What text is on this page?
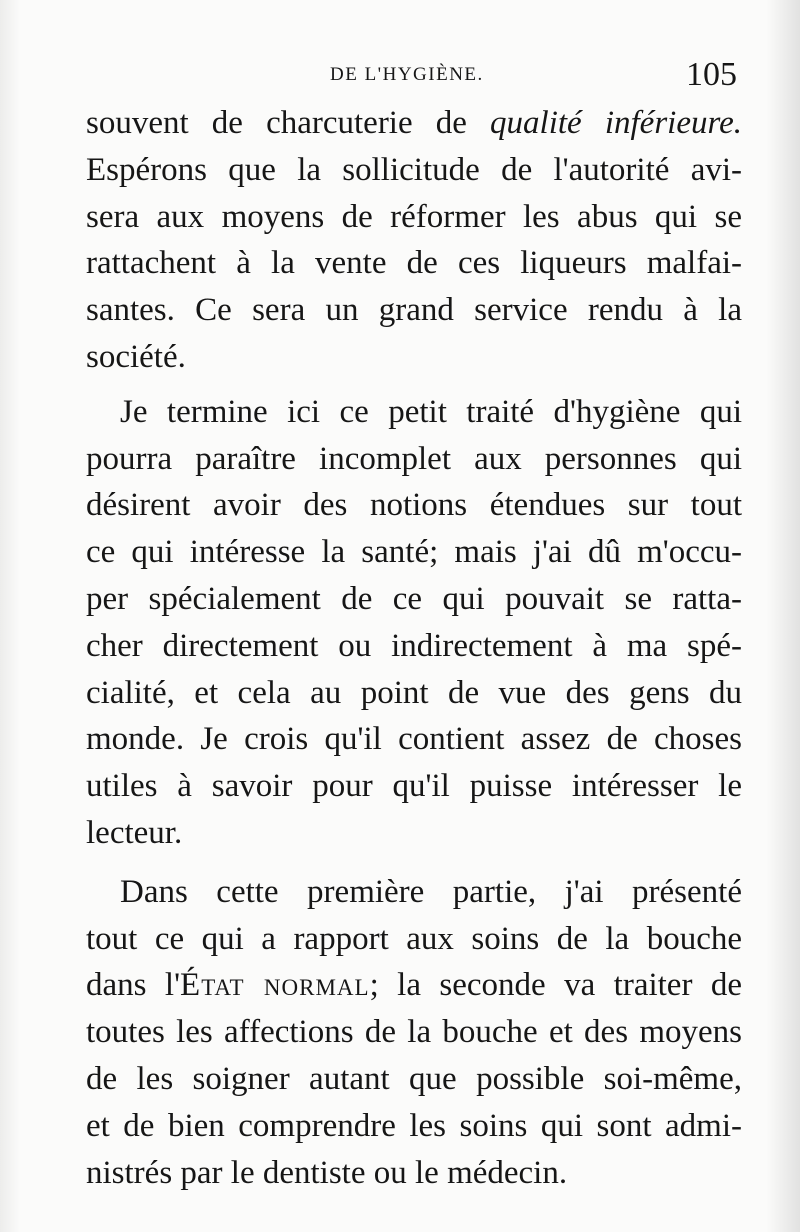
DE L'HYGIÈNE.	105
souvent de charcuterie de qualité inférieure.
Espérons que la sollicitude de l'autorité avi-
sera aux moyens de réformer les abus qui se
rattachent à la vente de ces liqueurs malfai-
santes. Ce sera un grand service rendu à la
société.
Je termine ici ce petit traité d'hygiène qui
pourra paraître incomplet aux personnes qui
désirent avoir des notions étendues sur tout
ce qui intéresse la santé; mais j'ai dû m'occu-
per spécialement de ce qui pouvait se ratta-
cher directement ou indirectement à ma spé-
cialité, et cela au point de vue des gens du
monde. Je crois qu'il contient assez de choses
utiles à savoir pour qu'il puisse intéresser le
lecteur.
Dans cette première partie, j'ai présenté
tout ce qui a rapport aux soins de la bouche
dans l'État normal; la seconde va traiter de
toutes les affections de la bouche et des moyens
de les soigner autant que possible soi-même,
et de bien comprendre les soins qui sont admi-
nistrés par le dentiste ou le médecin.
